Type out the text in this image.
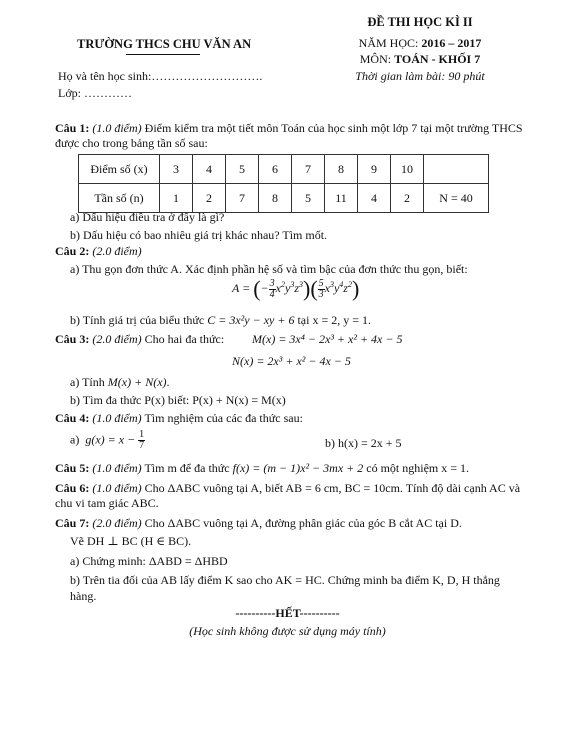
TRƯỜNG THCS CHU VĂN AN
ĐỀ THI HỌC KÌ II
NĂM HỌC: 2016 – 2017
MÔN: TOÁN - KHỐI 7
Thời gian làm bài: 90 phút
Họ và tên học sinh:……………………….
Lớp: …………
Câu 1: (1.0 điểm) Điểm kiểm tra một tiết môn Toán của học sinh một lớp 7 tại một trường THCS được cho trong bảng tần số sau:
Điểm số (x)	3	4	5	6	7	8	9	10	
Tần số (n)	1	2	7	8	5	11	4	2	N = 40
a) Dấu hiệu điều tra ở đây là gì?
b) Dấu hiệu có bao nhiêu giá trị khác nhau? Tìm mốt.
Câu 2: (2.0 điểm)
a) Thu gọn đơn thức A. Xác định phần hệ số và tìm bậc của đơn thức thu gọn, biết:
A = (− $\frac{3}{4} x^2y^3z^3)( \frac{5}{3} x^3y^4z^2)$
b) Tính giá trị của biểu thức C = 3x²y − xy + 6 tại x = 2, y = 1.
Câu 3: (2.0 điểm) Cho hai đa thức: M(x) = 3x⁴ − 2x³ + x² + 4x − 5
N(x) = 2x³ + x² − 4x − 5
a) Tính M(x) + N(x).
b) Tìm đa thức P(x) biết: P(x) + N(x) = M(x)
Câu 4: (1.0 điểm) Tìm nghiệm của các đa thức sau:
a) $g(x) = x - \frac{1}{7}$	b) h(x) = 2x + 5
Câu 5: (1.0 điểm) Tìm m để đa thức f(x) = (m − 1)x² − 3mx + 2 có một nghiệm x = 1.
Câu 6: (1.0 điểm) Cho ΔABC vuông tại A, biết AB = 6 cm, BC = 10cm. Tính độ dài cạnh AC và chu vi tam giác ABC.
Câu 7: (2.0 điểm) Cho ΔABC vuông tại A, đường phân giác của góc B cắt AC tại D.
Vẽ DH ⊥ BC (H ∈ BC).
a) Chứng minh: ΔABD = ΔHBD
b) Trên tia đối của AB lấy điểm K sao cho AK = HC. Chứng minh ba điểm K, D, H thẳng hàng.
----------HẾT----------
(Học sinh không được sử dụng máy tính)
